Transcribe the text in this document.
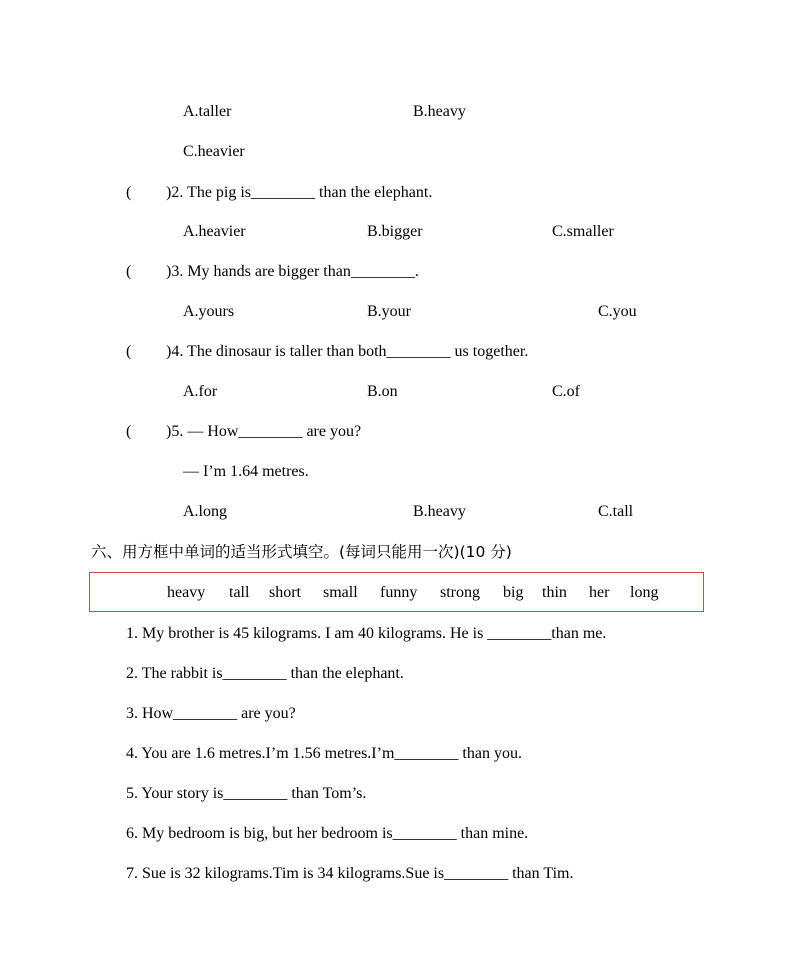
A.taller	B.heavy
C.heavier
( )2. The pig is________ than the elephant.
A.heavier	B.bigger	C.smaller
( )3. My hands are bigger than________.
A.yours	B.your	C.you
( )4. The dinosaur is taller than both________ us together.
A.for	B.on	C.of
( )5. — How________ are you?
— I’m 1.64 metres.
A.long	B.heavy	C.tall
六、用方框中单词的适当形式填空。(每词只能用一次)(10 分)
heavy tall short small funny strong big thin her long
1. My brother is 45 kilograms. I am 40 kilograms. He is ________than me.
2. The rabbit is________ than the elephant.
3. How________ are you?
4. You are 1.6 metres.I’m 1.56 metres.I’m________ than you.
5. Your story is________ than Tom’s.
6. My bedroom is big, but her bedroom is________ than mine.
7. Sue is 32 kilograms.Tim is 34 kilograms.Sue is________ than Tim.
